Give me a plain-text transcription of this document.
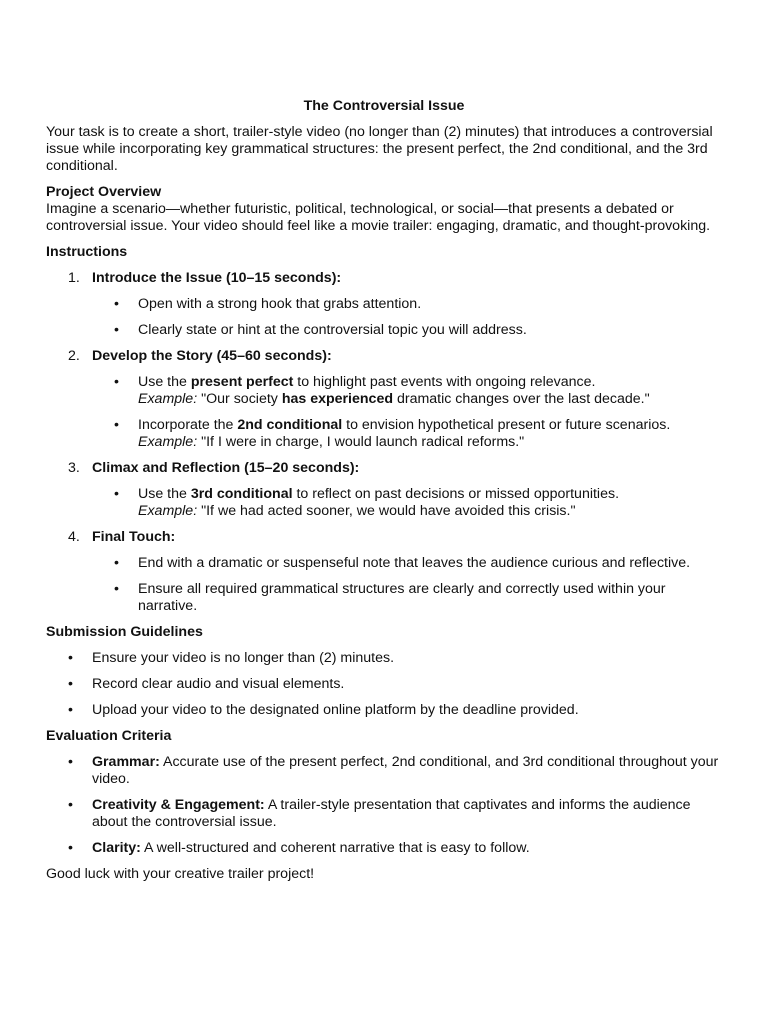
The Controversial Issue

Your task is to create a short, trailer-style video (no longer than (2) minutes) that introduces a controversial issue while incorporating key grammatical structures: the present perfect, the 2nd conditional, and the 3rd conditional.

Project Overview

Imagine a scenario—whether futuristic, political, technological, or social—that presents a debated or controversial issue. Your video should feel like a movie trailer: engaging, dramatic, and thought-provoking.

Instructions

1. Introduce the Issue (10–15 seconds):
• Open with a strong hook that grabs attention.
• Clearly state or hint at the controversial topic you will address.
2. Develop the Story (45–60 seconds):
• Use the present perfect to highlight past events with ongoing relevance.
Example: "Our society has experienced dramatic changes over the last decade."
• Incorporate the 2nd conditional to envision hypothetical present or future scenarios.
Example: "If I were in charge, I would launch radical reforms."
3. Climax and Reflection (15–20 seconds):
• Use the 3rd conditional to reflect on past decisions or missed opportunities.
Example: "If we had acted sooner, we would have avoided this crisis."
4. Final Touch:
• End with a dramatic or suspenseful note that leaves the audience curious and reflective.
• Ensure all required grammatical structures are clearly and correctly used within your narrative.

Submission Guidelines

• Ensure your video is no longer than (2) minutes.
• Record clear audio and visual elements.
• Upload your video to the designated online platform by the deadline provided.

Evaluation Criteria

• Grammar: Accurate use of the present perfect, 2nd conditional, and 3rd conditional throughout your video.
• Creativity & Engagement: A trailer-style presentation that captivates and informs the audience about the controversial issue.
• Clarity: A well-structured and coherent narrative that is easy to follow.

Good luck with your creative trailer project!
